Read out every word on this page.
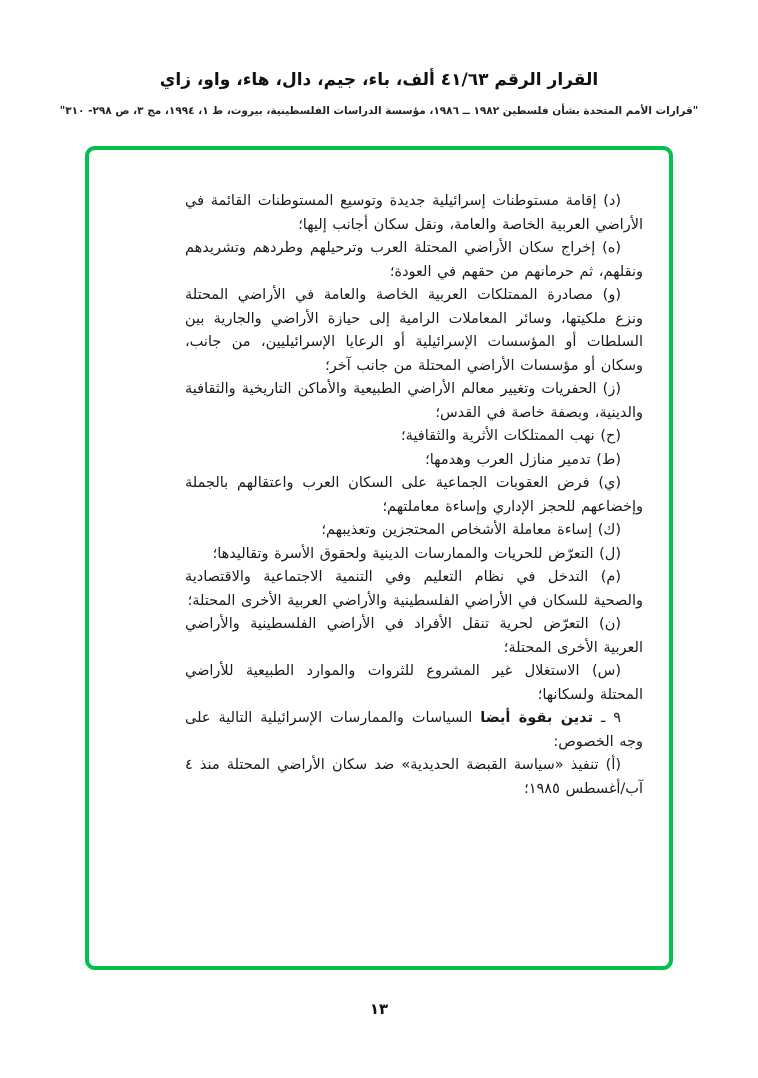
القرار الرقم ٤١/٦٣ ألف، باء، جيم، دال، هاء، واو، زاي
"قرارات الأمم المتحدة بشأن فلسطين ١٩٨٢ ــ ١٩٨٦، مؤسسة الدراسات الفلسطينية، بيروت، ط ١، ١٩٩٤، مج ٣، ص ٢٩٨- ٣١٠"

(د) إقامة مستوطنات إسرائيلية جديدة وتوسيع المستوطنات القائمة في الأراضي العربية الخاصة والعامة، ونقل سكان أجانب إليها؛

(ه) إخراج سكان الأراضي المحتلة العرب وترحيلهم وطردهم وتشريدهم ونقلهم، ثم حرمانهم من حقهم في العودة؛

(و) مصادرة الممتلكات العربية الخاصة والعامة في الأراضي المحتلة ونزع ملكيتها، وسائر المعاملات الرامية إلى حيازة الأراضي والجارية بين السلطات أو المؤسسات الإسرائيلية أو الرعايا الإسرائيليين، من جانب، وسكان أو مؤسسات الأراضي المحتلة من جانب آخر؛

(ز) الحفريات وتغيير معالم الأراضي الطبيعية والأماكن التاريخية والثقافية والدينية، وبصفة خاصة في القدس؛

(ح) نهب الممتلكات الأثرية والثقافية؛

(ط) تدمير منازل العرب وهدمها؛

(ي) فرض العقوبات الجماعية على السكان العرب واعتقالهم بالجملة وإخضاعهم للحجز الإداري وإساءة معاملتهم؛

(ك) إساءة معاملة الأشخاص المحتجزين وتعذيبهم؛

(ل) التعرّض للحريات والممارسات الدينية ولحقوق الأسرة وتقاليدها؛

(م) التدخل في نظام التعليم وفي التنمية الاجتماعية والاقتصادية والصحية للسكان في الأراضي الفلسطينية والأراضي العربية الأخرى المحتلة؛

(ن) التعرّض لحرية تنقل الأفراد في الأراضي الفلسطينية والأراضي العربية الأخرى المحتلة؛

(س) الاستغلال غير المشروع للثروات والموارد الطبيعية للأراضي المحتلة ولسكانها؛

٩ ـ تدين بقوة أيضا السياسات والممارسات الإسرائيلية التالية على وجه الخصوص:

(أ) تنفيذ «سياسة القبضة الحديدية» ضد سكان الأراضي المحتلة منذ ٤ آب/أغسطس ١٩٨٥؛

١٣
